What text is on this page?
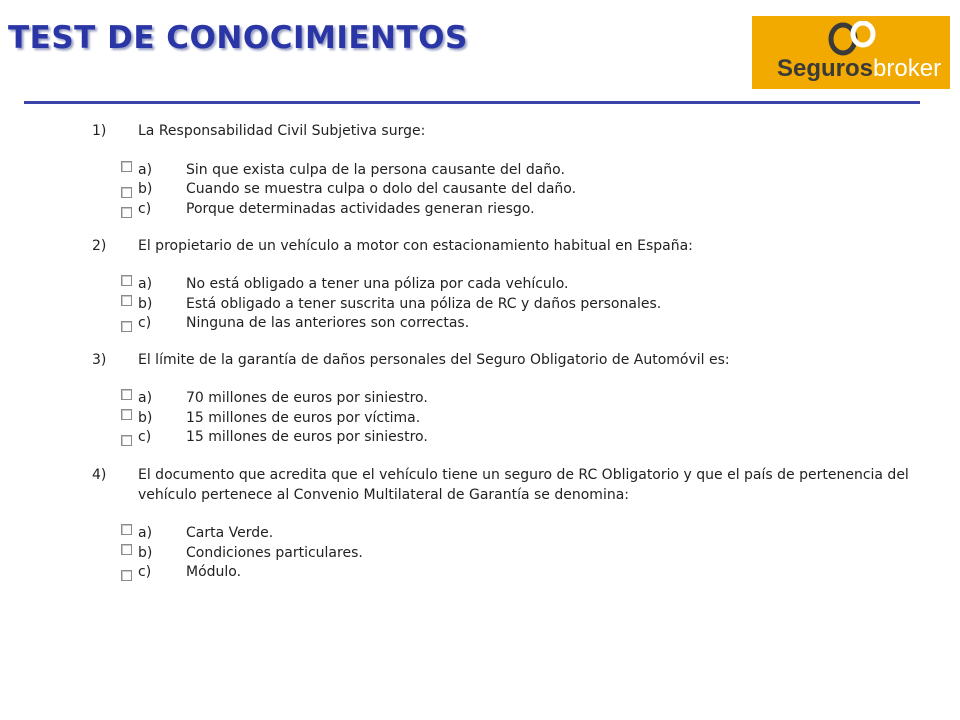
TEST DE CONOCIMIENTOS
Segurosbroker
1) La Responsabilidad Civil Subjetiva surge:
a) Sin que exista culpa de la persona causante del daño.
b) Cuando se muestra culpa o dolo del causante del daño.
c) Porque determinadas actividades generan riesgo.
2) El propietario de un vehículo a motor con estacionamiento habitual en España:
a) No está obligado a tener una póliza por cada vehículo.
b) Está obligado a tener suscrita una póliza de RC y daños personales.
c) Ninguna de las anteriores son correctas.
3) El límite de la garantía de daños personales del Seguro Obligatorio de Automóvil es:
a) 70 millones de euros por siniestro.
b) 15 millones de euros por víctima.
c) 15 millones de euros por siniestro.
4) El documento que acredita que el vehículo tiene un seguro de RC Obligatorio y que el país de pertenencia del vehículo pertenece al Convenio Multilateral de Garantía se denomina:
a) Carta Verde.
b) Condiciones particulares.
c) Módulo.
